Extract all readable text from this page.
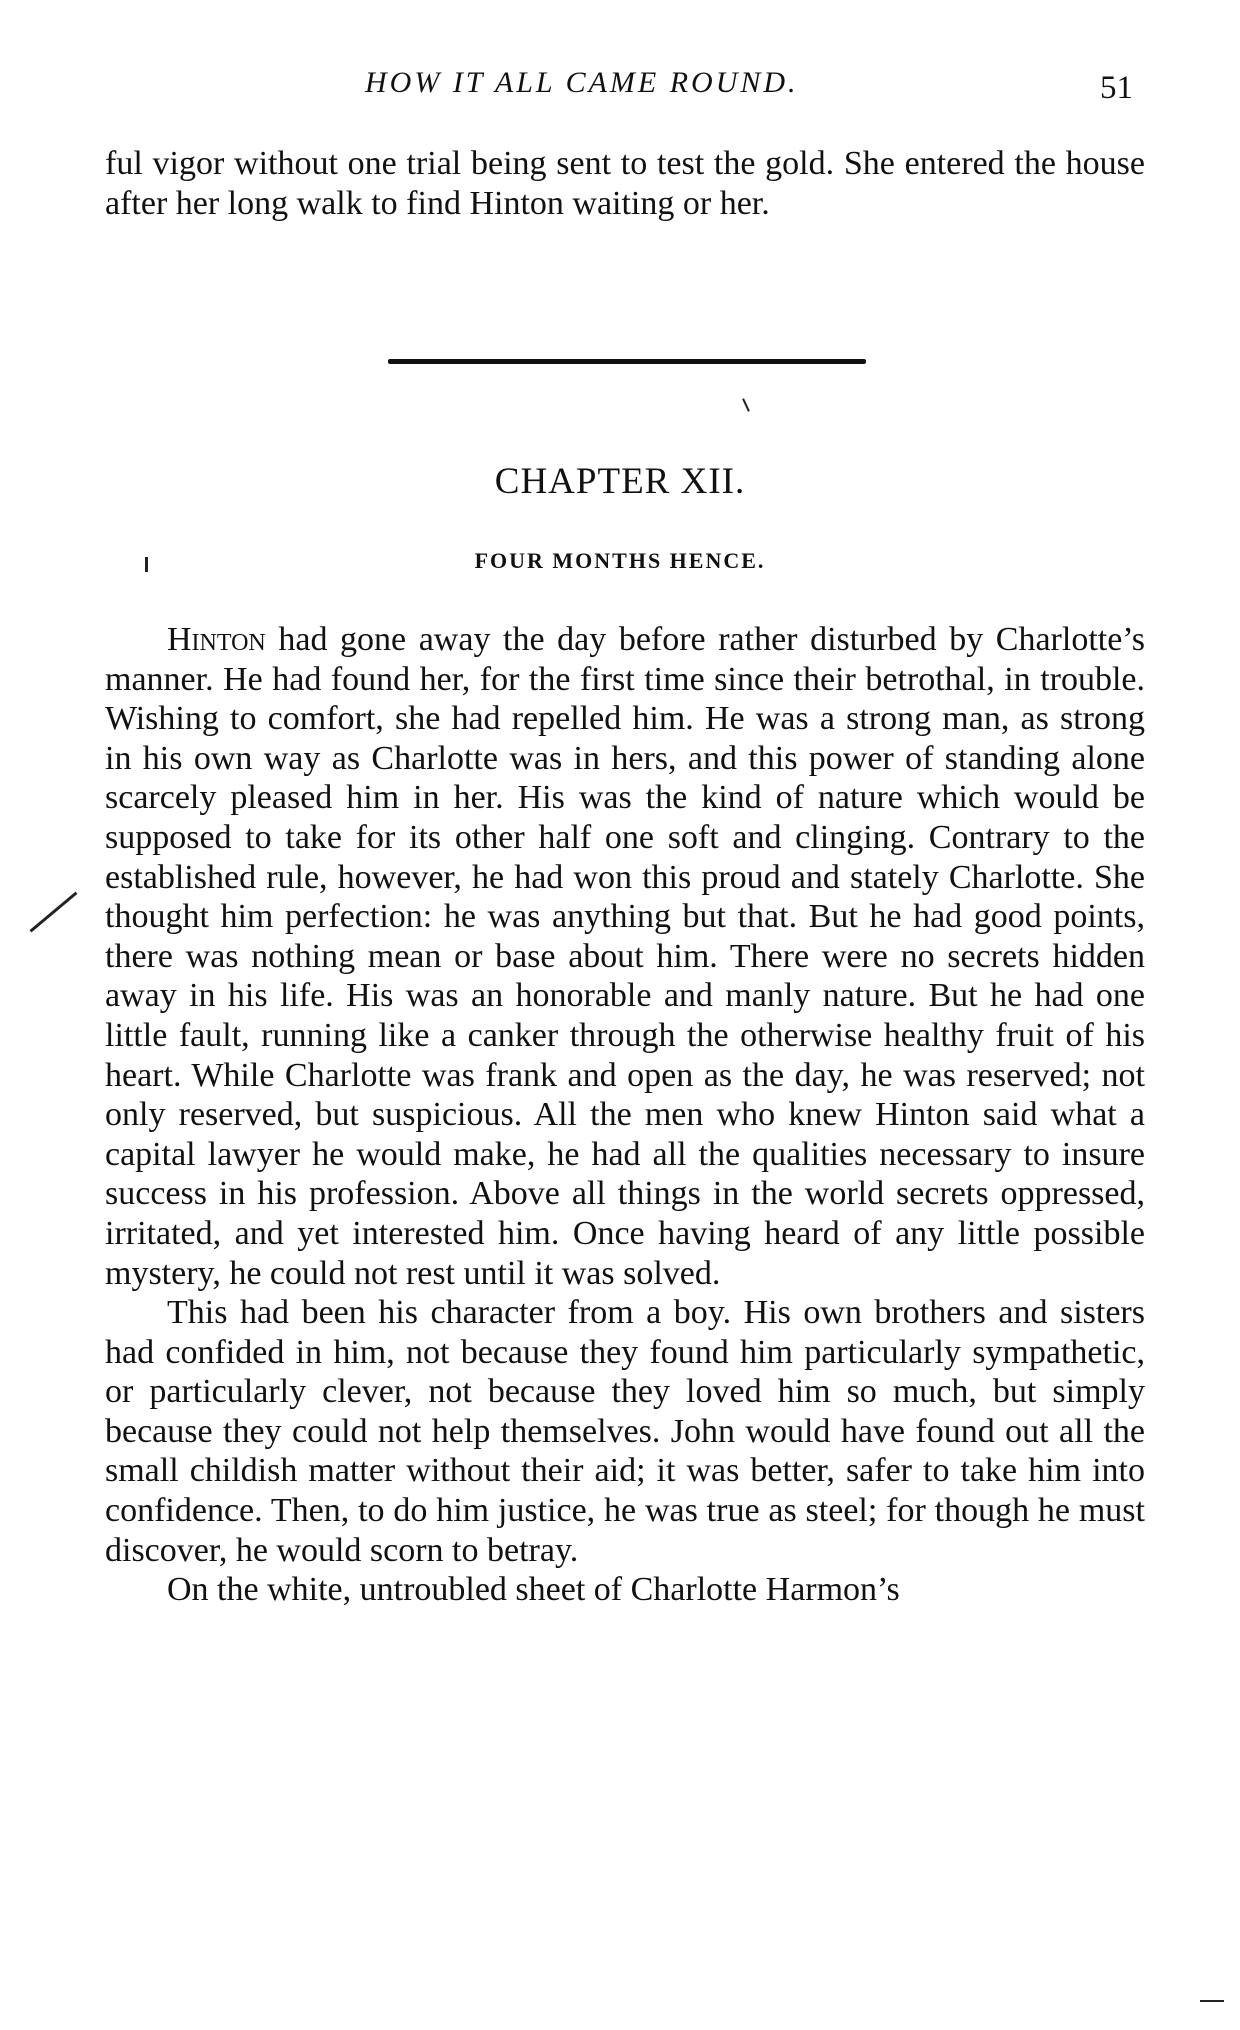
HOW IT ALL CAME ROUND.	51

ful vigor without one trial being sent to test the gold. She entered the house after her long walk to find Hinton waiting or her.

CHAPTER XII.
FOUR MONTHS HENCE.

Hinton had gone away the day before rather disturbed by Charlotte’s manner. He had found her, for the first time since their betrothal, in trouble. Wishing to comfort, she had repelled him. He was a strong man, as strong in his own way as Charlotte was in hers, and this power of standing alone scarcely pleased him in her. His was the kind of nature which would be supposed to take for its other half one soft and clinging. Contrary to the established rule, however, he had won this proud and stately Charlotte. She thought him perfection: he was anything but that. But he had good points, there was nothing mean or base about him. There were no secrets hidden away in his life. His was an honorable and manly nature. But he had one little fault, running like a canker through the otherwise healthy fruit of his heart. While Charlotte was frank and open as the day, he was reserved; not only reserved, but suspicious. All the men who knew Hinton said what a capital lawyer he would make, he had all the qualities necessary to insure success in his profession. Above all things in the world secrets oppressed, irritated, and yet interested him. Once having heard of any little possible mystery, he could not rest until it was solved.

This had been his character from a boy. His own brothers and sisters had confided in him, not because they found him particularly sympathetic, or particularly clever, not because they loved him so much, but simply because they could not help themselves. John would have found out all the small childish matter without their aid; it was better, safer to take him into confidence. Then, to do him justice, he was true as steel; for though he must discover, he would scorn to betray.

On the white, untroubled sheet of Charlotte Harmon’s
